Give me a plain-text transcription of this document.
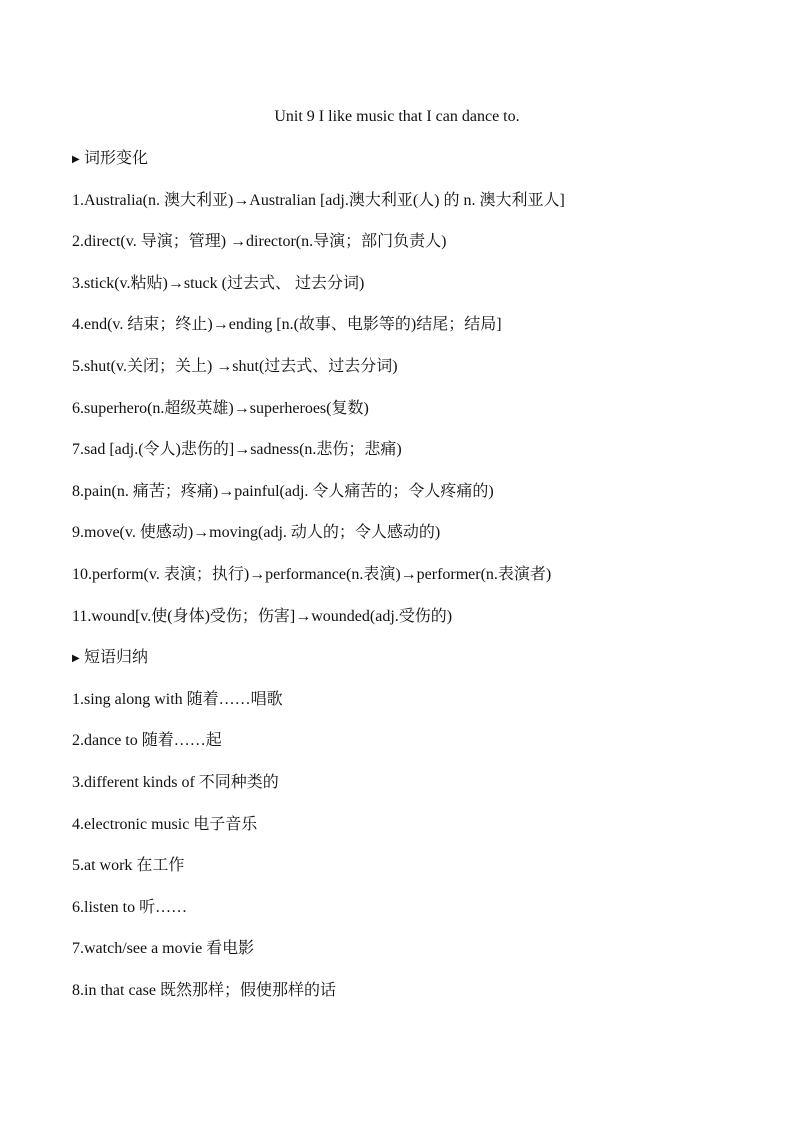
Unit 9 I like music that I can dance to.
▶ 词形变化
1.Australia(n. 澳大利亚)→Australian [adj.澳大利亚(人) 的 n. 澳大利亚人]
2.direct(v. 导演；管理) →director(n.导演；部门负责人)
3.stick(v.粘贴)→stuck (过去式、 过去分词)
4.end(v. 结束；终止)→ending [n.(故事、电影等的)结尾；结局]
5.shut(v.关闭；关上) →shut(过去式、过去分词)
6.superhero(n.超级英雄)→superheroes(复数)
7.sad [adj.(令人)悲伤的]→sadness(n.悲伤；悲痛)
8.pain(n. 痛苦；疼痛)→painful(adj. 令人痛苦的；令人疼痛的)
9.move(v. 使感动)→moving(adj. 动人的；令人感动的)
10.perform(v. 表演；执行)→performance(n.表演)→performer(n.表演者)
11.wound[v.使(身体)受伤；伤害]→wounded(adj.受伤的)
▶ 短语归纳
1.sing along with 随着……唱歌
2.dance to 随着……起
3.different kinds of 不同种类的
4.electronic music 电子音乐
5.at work 在工作
6.listen to 听……
7.watch/see a movie 看电影
8.in that case 既然那样；假使那样的话
